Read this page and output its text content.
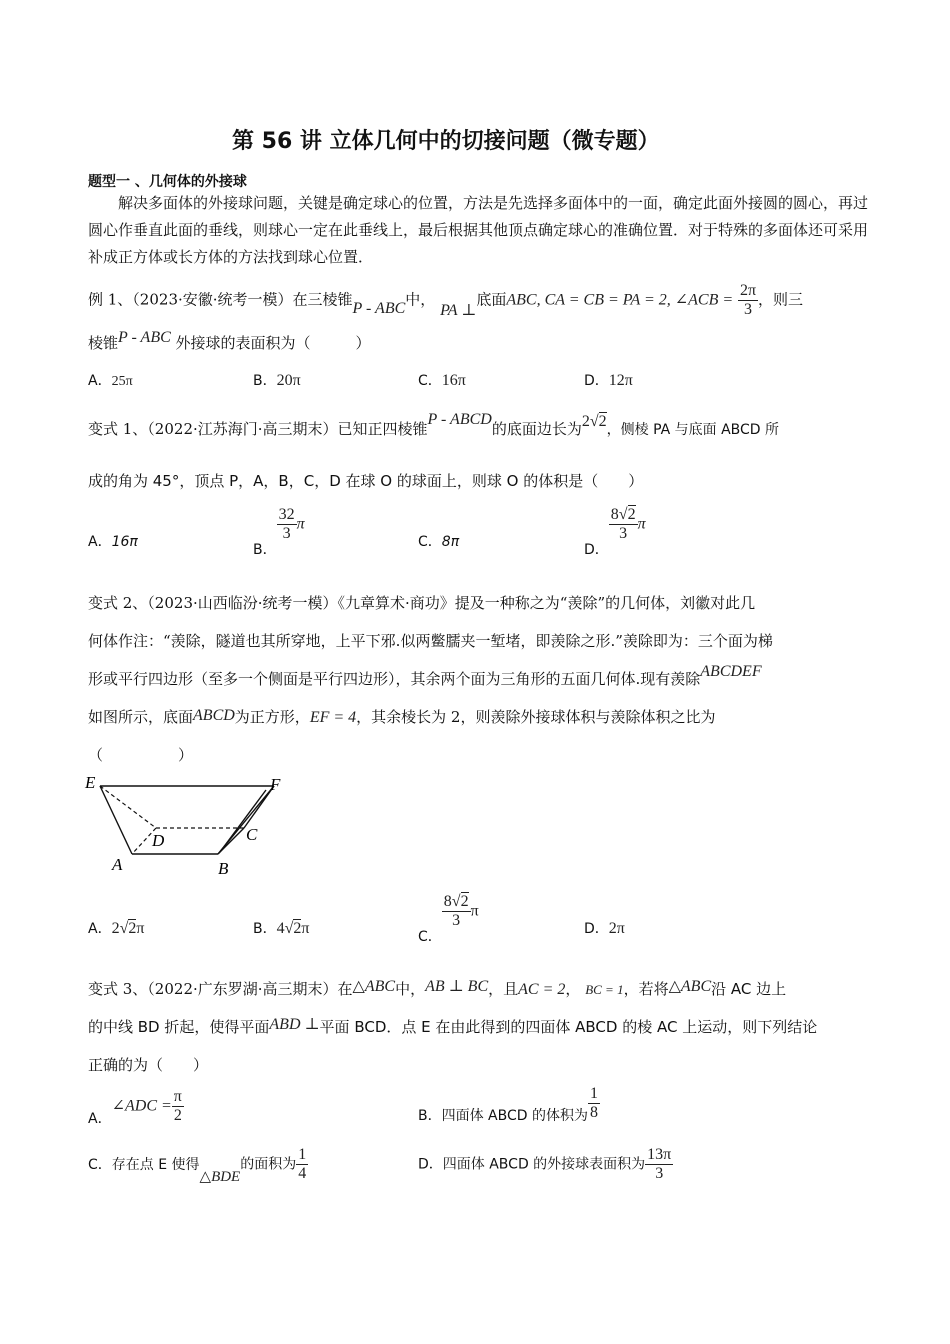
第 56 讲 立体几何中的切接问题（微专题）
题型一 、几何体的外接球
解决多面体的外接球问题，关键是确定球心的位置，方法是先选择多面体中的一面，确定此面外接圆的圆心，再过圆心作垂直此面的垂线，则球心一定在此垂线上，最后根据其他顶点确定球心的准确位置．对于特殊的多面体还可采用补成正方体或长方体的方法找到球心位置．
例 1、（2023·安徽·统考一模）在三棱锥P - ABC中， PA ⊥底面ABC, CA = CB = PA = 2, ∠ACB = $\frac{2\pi}{3}$ ，则三
棱锥P - ABC 外接球的表面积为（　　　）
A．25π	B．20π	C．16π	D．12π
变式 1、（2022·江苏海门·高三期末）已知正四棱锥P - ABCD的底面边长为2√2，侧棱 PA 与底面 ABCD 所
成的角为 45°，顶点 P，A，B，C，D 在球 O 的球面上，则球 O 的体积是（　　）
A．16π	B．
$\frac{32}{3}$ π
C．8π	D．
$\frac{8√2}{3}$ π
变式 2、（2023·山西临汾·统考一模）《九章算术·商功》提及一种称之为“羡除”的几何体，刘徽对此几
何体作注：“羡除，隧道也其所穿地，上平下邪.似两鳖臑夹一堑堵，即羡除之形.”羡除即为：三个面为梯
形或平行四边形（至多一个侧面是平行四边形），其余两个面为三角形的五面几何体.现有羡除ABCDEF
如图所示，底面ABCD为正方形，EF = 4，其余棱长为 2，则羡除外接球体积与羡除体积之比为
（　　　　　）
E	F
D	C
A	B
A．2√2π	B．4√2π	C．
$\frac{8√2}{3}$ π
D．2π
变式 3、（2022·广东罗湖·高三期末）在△ABC中，AB ⊥ BC，且AC = 2， BC = 1，若将△ABC沿 AC 边上
的中线 BD 折起，使得平面ABD ⊥平面 BCD．点 E 在由此得到的四面体 ABCD 的棱 AC 上运动，则下列结论
正确的为（　　）
A．∠ADC = $\frac{\pi}{2}$	B．四面体 ABCD 的体积为 $\frac{1}{8}$
C．存在点 E 使得△BDE的面积为 $\frac{1}{4}$	D．四面体 ABCD 的外接球表面积为 $\frac{13\pi}{3}$
